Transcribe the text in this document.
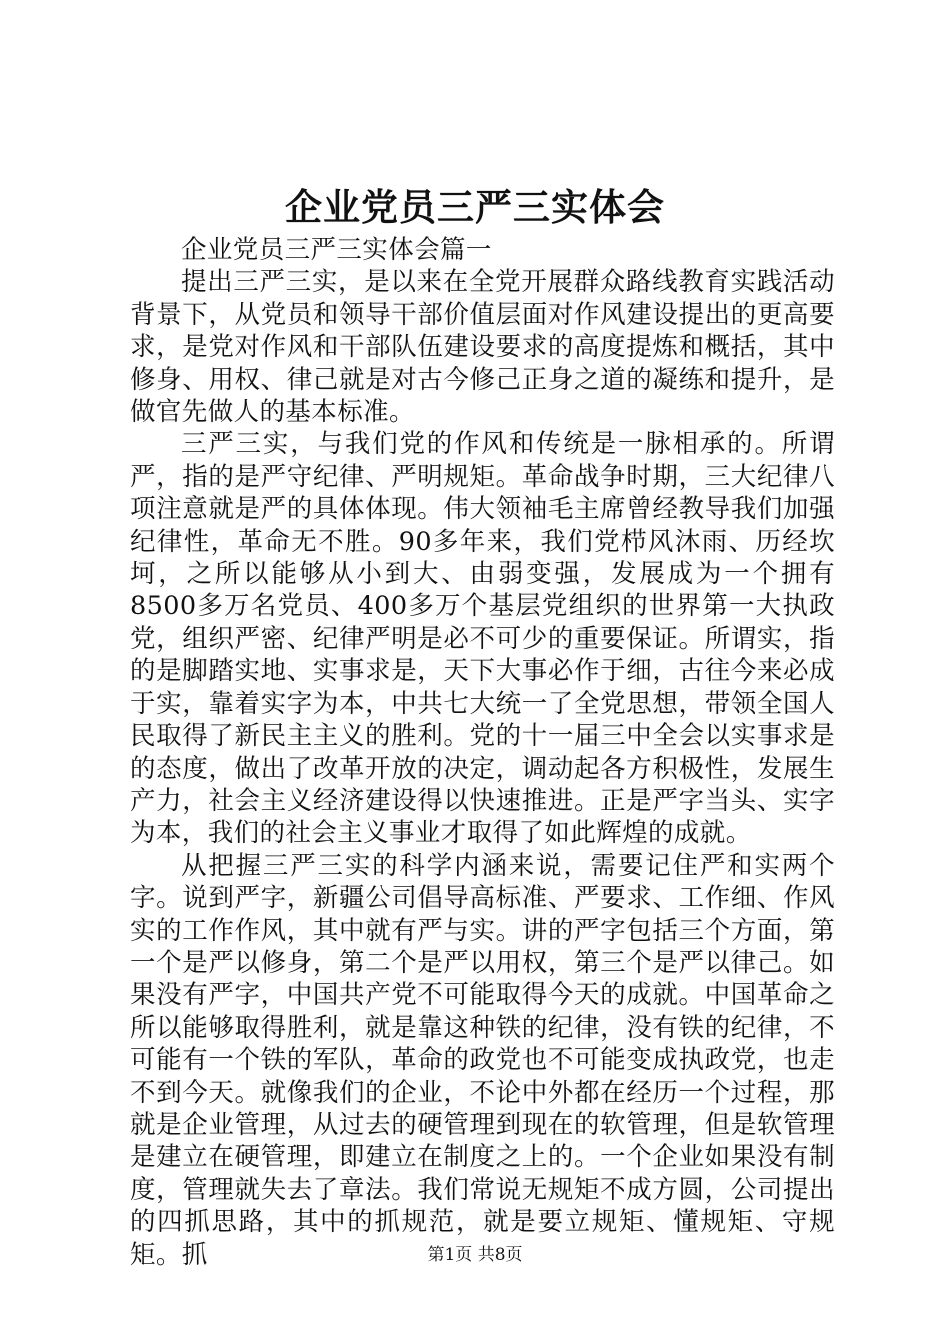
企业党员三严三实体会

企业党员三严三实体会篇一

提出三严三实，是以来在全党开展群众路线教育实践活动背景下，从党员和领导干部价值层面对作风建设提出的更高要求，是党对作风和干部队伍建设要求的高度提炼和概括，其中修身、用权、律己就是对古今修己正身之道的凝练和提升，是做官先做人的基本标准。

三严三实，与我们党的作风和传统是一脉相承的。所谓严，指的是严守纪律、严明规矩。革命战争时期，三大纪律八项注意就是严的具体体现。伟大领袖毛主席曾经教导我们加强纪律性，革命无不胜。90多年来，我们党栉风沐雨、历经坎坷，之所以能够从小到大、由弱变强，发展成为一个拥有8500多万名党员、400多万个基层党组织的世界第一大执政党，组织严密、纪律严明是必不可少的重要保证。所谓实，指的是脚踏实地、实事求是，天下大事必作于细，古往今来必成于实，靠着实字为本，中共七大统一了全党思想，带领全国人民取得了新民主主义的胜利。党的十一届三中全会以实事求是的态度，做出了改革开放的决定，调动起各方积极性，发展生产力，社会主义经济建设得以快速推进。正是严字当头、实字为本，我们的社会主义事业才取得了如此辉煌的成就。

从把握三严三实的科学内涵来说，需要记住严和实两个字。说到严字，新疆公司倡导高标准、严要求、工作细、作风实的工作作风，其中就有严与实。讲的严字包括三个方面，第一个是严以修身，第二个是严以用权，第三个是严以律己。如果没有严字，中国共产党不可能取得今天的成就。中国革命之所以能够取得胜利，就是靠这种铁的纪律，没有铁的纪律，不可能有一个铁的军队，革命的政党也不可能变成执政党，也走不到今天。就像我们的企业，不论中外都在经历一个过程，那就是企业管理，从过去的硬管理到现在的软管理，但是软管理是建立在硬管理，即建立在制度之上的。一个企业如果没有制度，管理就失去了章法。我们常说无规矩不成方圆，公司提出的四抓思路，其中的抓规范，就是要立规矩、懂规矩、守规矩。抓	第1页 共8页
